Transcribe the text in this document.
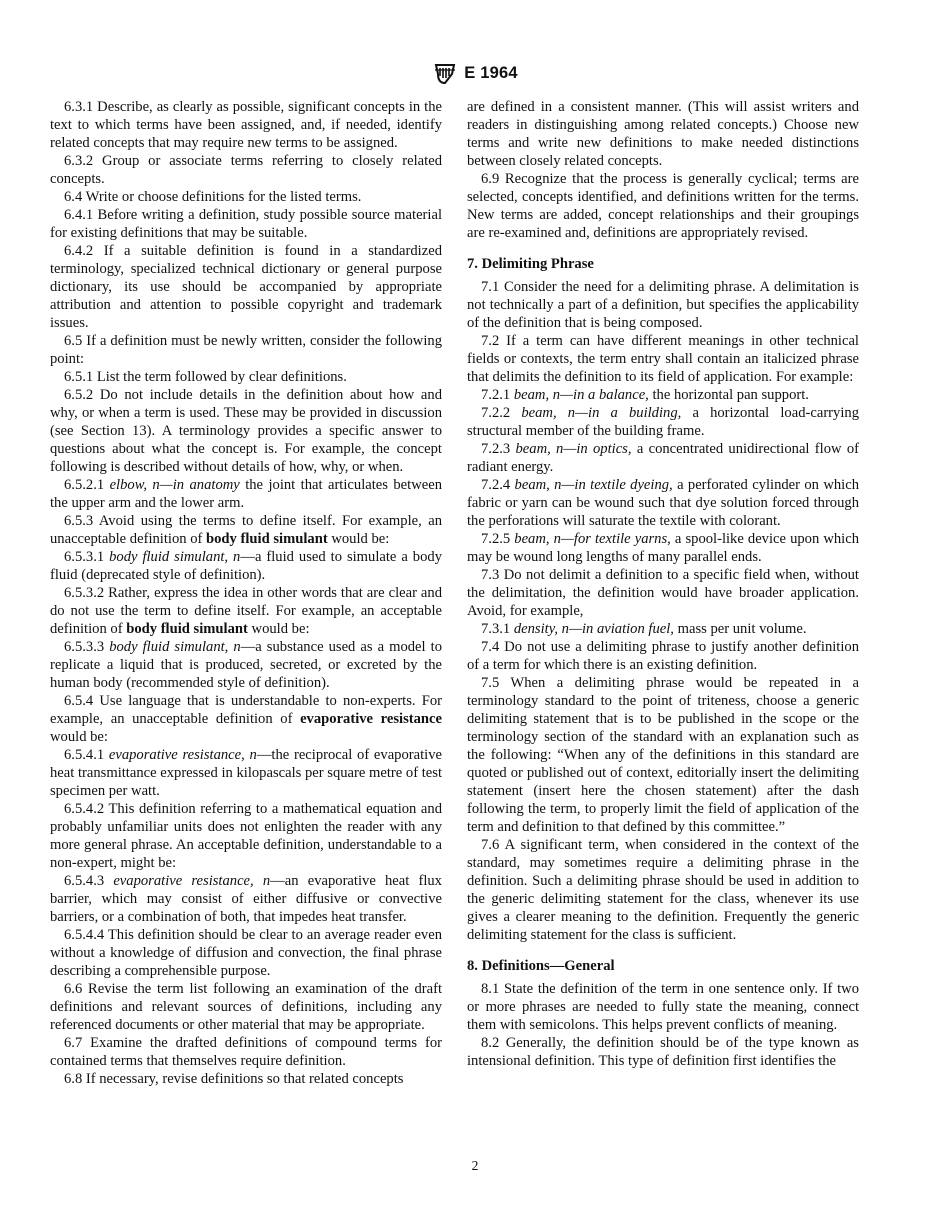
E 1964

6.3.1 Describe, as clearly as possible, significant concepts in the text to which terms have been assigned, and, if needed, identify related concepts that may require new terms to be assigned.

6.3.2 Group or associate terms referring to closely related concepts.

6.4 Write or choose definitions for the listed terms.

6.4.1 Before writing a definition, study possible source material for existing definitions that may be suitable.

6.4.2 If a suitable definition is found in a standardized terminology, specialized technical dictionary or general purpose dictionary, its use should be accompanied by appropriate attribution and attention to possible copyright and trademark issues.

6.5 If a definition must be newly written, consider the following point:

6.5.1 List the term followed by clear definitions.

6.5.2 Do not include details in the definition about how and why, or when a term is used. These may be provided in discussion (see Section 13). A terminology provides a specific answer to questions about what the concept is. For example, the concept following is described without details of how, why, or when.

6.5.2.1 elbow, n—in anatomy the joint that articulates between the upper arm and the lower arm.

6.5.3 Avoid using the terms to define itself. For example, an unacceptable definition of body fluid simulant would be:

6.5.3.1 body fluid simulant, n—a fluid used to simulate a body fluid (deprecated style of definition).

6.5.3.2 Rather, express the idea in other words that are clear and do not use the term to define itself. For example, an acceptable definition of body fluid simulant would be:

6.5.3.3 body fluid simulant, n—a substance used as a model to replicate a liquid that is produced, secreted, or excreted by the human body (recommended style of definition).

6.5.4 Use language that is understandable to non-experts. For example, an unacceptable definition of evaporative resistance would be:

6.5.4.1 evaporative resistance, n—the reciprocal of evaporative heat transmittance expressed in kilopascals per square metre of test specimen per watt.

6.5.4.2 This definition referring to a mathematical equation and probably unfamiliar units does not enlighten the reader with any more general phrase. An acceptable definition, understandable to a non-expert, might be:

6.5.4.3 evaporative resistance, n—an evaporative heat flux barrier, which may consist of either diffusive or convective barriers, or a combination of both, that impedes heat transfer.

6.5.4.4 This definition should be clear to an average reader even without a knowledge of diffusion and convection, the final phrase describing a comprehensible purpose.

6.6 Revise the term list following an examination of the draft definitions and relevant sources of definitions, including any referenced documents or other material that may be appropriate.

6.7 Examine the drafted definitions of compound terms for contained terms that themselves require definition.

6.8 If necessary, revise definitions so that related concepts

are defined in a consistent manner. (This will assist writers and readers in distinguishing among related concepts.) Choose new terms and write new definitions to make needed distinctions between closely related concepts.

6.9 Recognize that the process is generally cyclical; terms are selected, concepts identified, and definitions written for the terms. New terms are added, concept relationships and their groupings are re-examined and, definitions are appropriately revised.

7. Delimiting Phrase

7.1 Consider the need for a delimiting phrase. A delimitation is not technically a part of a definition, but specifies the applicability of the definition that is being composed.

7.2 If a term can have different meanings in other technical fields or contexts, the term entry shall contain an italicized phrase that delimits the definition to its field of application. For example:

7.2.1 beam, n—in a balance, the horizontal pan support.

7.2.2 beam, n—in a building, a horizontal load-carrying structural member of the building frame.

7.2.3 beam, n—in optics, a concentrated unidirectional flow of radiant energy.

7.2.4 beam, n—in textile dyeing, a perforated cylinder on which fabric or yarn can be wound such that dye solution forced through the perforations will saturate the textile with colorant.

7.2.5 beam, n—for textile yarns, a spool-like device upon which may be wound long lengths of many parallel ends.

7.3 Do not delimit a definition to a specific field when, without the delimitation, the definition would have broader application. Avoid, for example,

7.3.1 density, n—in aviation fuel, mass per unit volume.

7.4 Do not use a delimiting phrase to justify another definition of a term for which there is an existing definition.

7.5 When a delimiting phrase would be repeated in a terminology standard to the point of triteness, choose a generic delimiting statement that is to be published in the scope or the terminology section of the standard with an explanation such as the following: “When any of the definitions in this standard are quoted or published out of context, editorially insert the delimiting statement (insert here the chosen statement) after the dash following the term, to properly limit the field of application of the term and definition to that defined by this committee.”

7.6 A significant term, when considered in the context of the standard, may sometimes require a delimiting phrase in the definition. Such a delimiting phrase should be used in addition to the generic delimiting statement for the class, whenever its use gives a clearer meaning to the definition. Frequently the generic delimiting statement for the class is sufficient.

8. Definitions—General

8.1 State the definition of the term in one sentence only. If two or more phrases are needed to fully state the meaning, connect them with semicolons. This helps prevent conflicts of meaning.

8.2 Generally, the definition should be of the type known as intensional definition. This type of definition first identifies the

2
